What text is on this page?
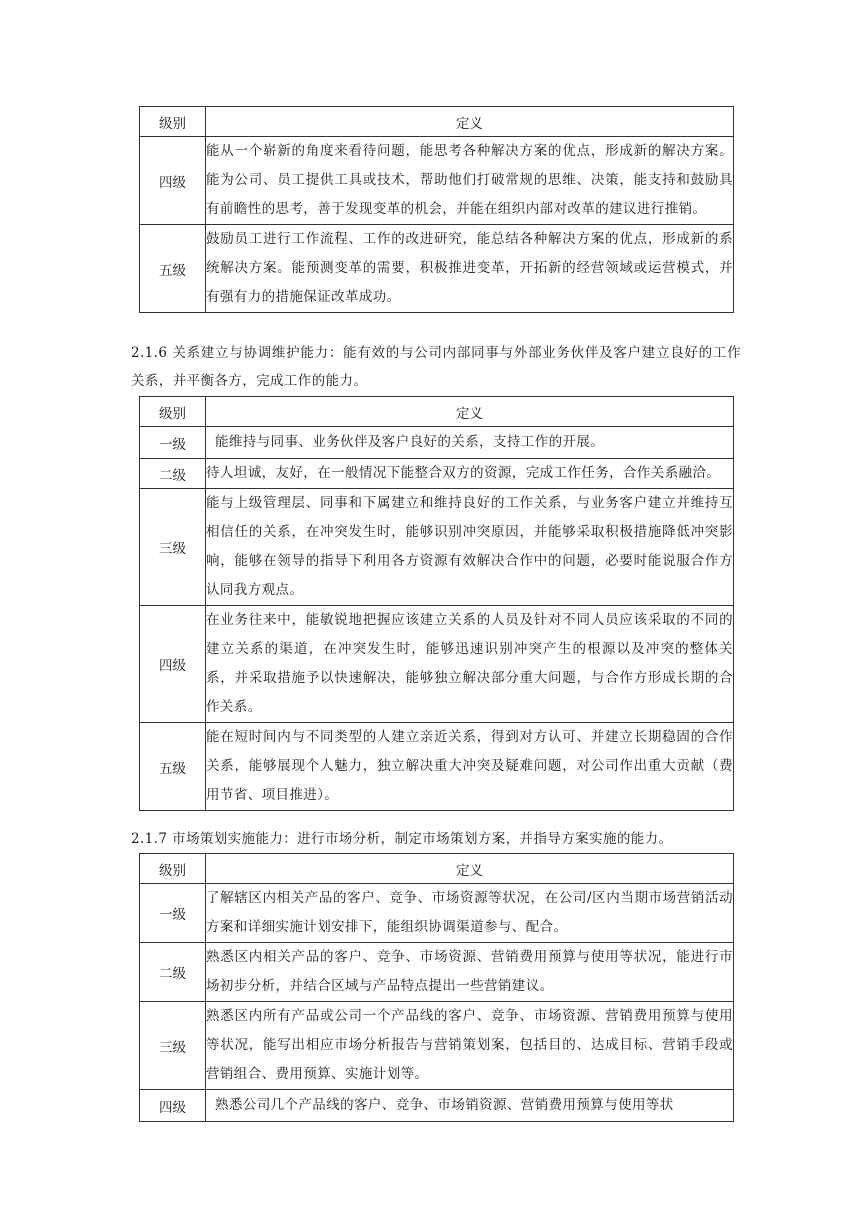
级别	定义
四级	能从一个崭新的角度来看待问题，能思考各种解决方案的优点，形成新的解决方案。能为公司、员工提供工具或技术，帮助他们打破常规的思维、决策，能支持和鼓励具有前瞻性的思考，善于发现变革的机会，并能在组织内部对改革的建议进行推销。
五级	鼓励员工进行工作流程、工作的改进研究，能总结各种解决方案的优点，形成新的系统解决方案。能预测变革的需要，积极推进变革，开拓新的经营领域或运营模式，并有强有力的措施保证改革成功。
2.1.6 关系建立与协调维护能力：能有效的与公司内部同事与外部业务伙伴及客户建立良好的工作关系，并平衡各方，完成工作的能力。
级别	定义
一级	能维持与同事、业务伙伴及客户良好的关系，支持工作的开展。
二级	待人坦诚，友好，在一般情况下能整合双方的资源，完成工作任务，合作关系融洽。
三级	能与上级管理层、同事和下属建立和维持良好的工作关系，与业务客户建立并维持互相信任的关系，在冲突发生时，能够识别冲突原因，并能够采取积极措施降低冲突影响，能够在领导的指导下利用各方资源有效解决合作中的问题，必要时能说服合作方认同我方观点。
四级	在业务往来中，能敏锐地把握应该建立关系的人员及针对不同人员应该采取的不同的建立关系的渠道，在冲突发生时，能够迅速识别冲突产生的根源以及冲突的整体关系，并采取措施予以快速解决，能够独立解决部分重大问题，与合作方形成长期的合作关系。
五级	能在短时间内与不同类型的人建立亲近关系，得到对方认可、并建立长期稳固的合作关系，能够展现个人魅力，独立解决重大冲突及疑难问题，对公司作出重大贡献（费用节省、项目推进）。
2.1.7 市场策划实施能力：进行市场分析，制定市场策划方案，并指导方案实施的能力。
级别	定义
一级	了解辖区内相关产品的客户、竞争、市场资源等状况，在公司/区内当期市场营销活动方案和详细实施计划安排下，能组织协调渠道参与、配合。
二级	熟悉区内相关产品的客户、竞争、市场资源、营销费用预算与使用等状况，能进行市场初步分析，并结合区域与产品特点提出一些营销建议。
三级	熟悉区内所有产品或公司一个产品线的客户、竞争、市场资源、营销费用预算与使用等状况，能写出相应市场分析报告与营销策划案，包括目的、达成目标、营销手段或营销组合、费用预算、实施计划等。
四级	熟悉公司几个产品线的客户、竞争、市场销资源、营销费用预算与使用等状
